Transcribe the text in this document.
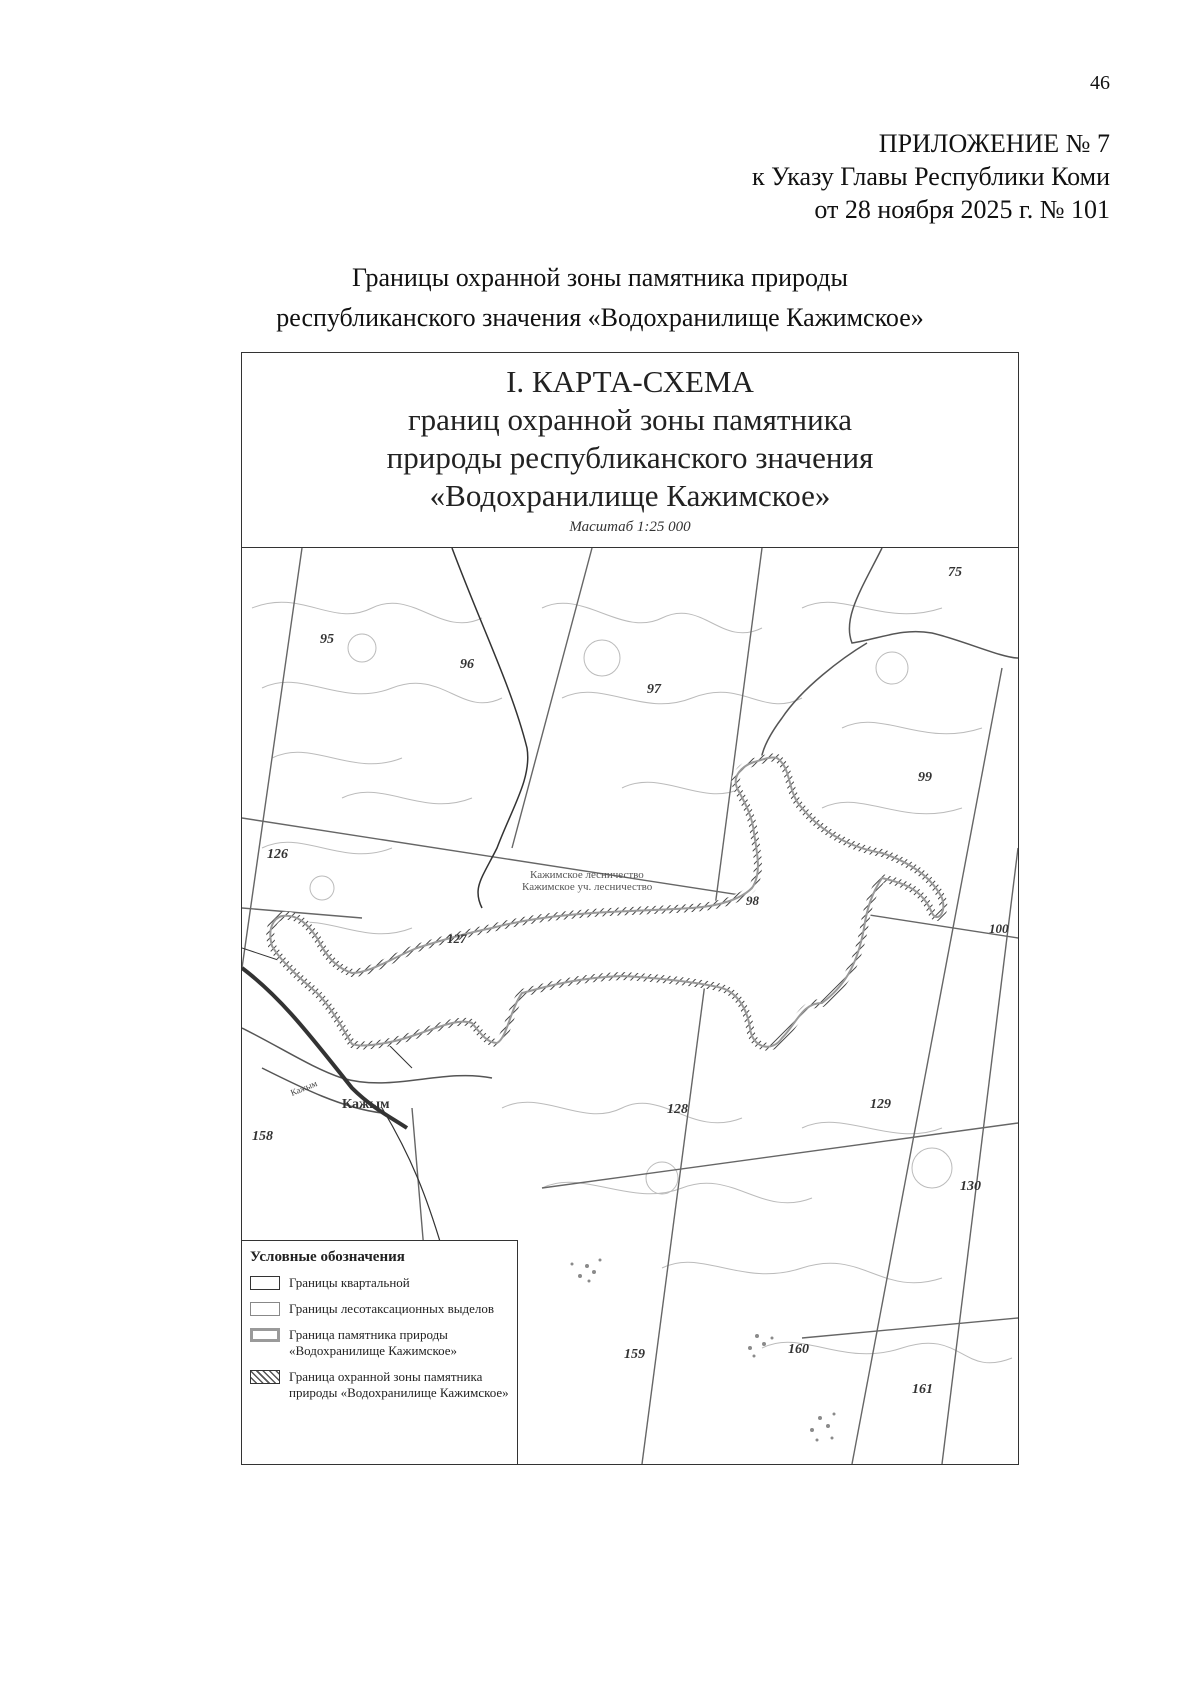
46
ПРИЛОЖЕНИЕ № 7
к Указу Главы Республики Коми
от 28 ноября 2025 г. № 101
Границы охранной зоны памятника природы
республиканского значения «Водохранилище Кажимское»
I. КАРТА-СХЕМА
границ охранной зоны памятника
природы республиканского значения
«Водохранилище Кажимское»
Масштаб 1:25 000
75
95
96
97
99
98
100
126
127
128	129
130
158
159	160
161
Кажимское лесничество
Кажимское уч. лесничество
Кажым
Кажым
Условные обозначения
Границы квартальной
Границы лесотаксационных выделов
Граница памятника природы «Водохранилище Кажимское»
Граница охранной зоны памятника природы «Водохранилище Кажимское»
